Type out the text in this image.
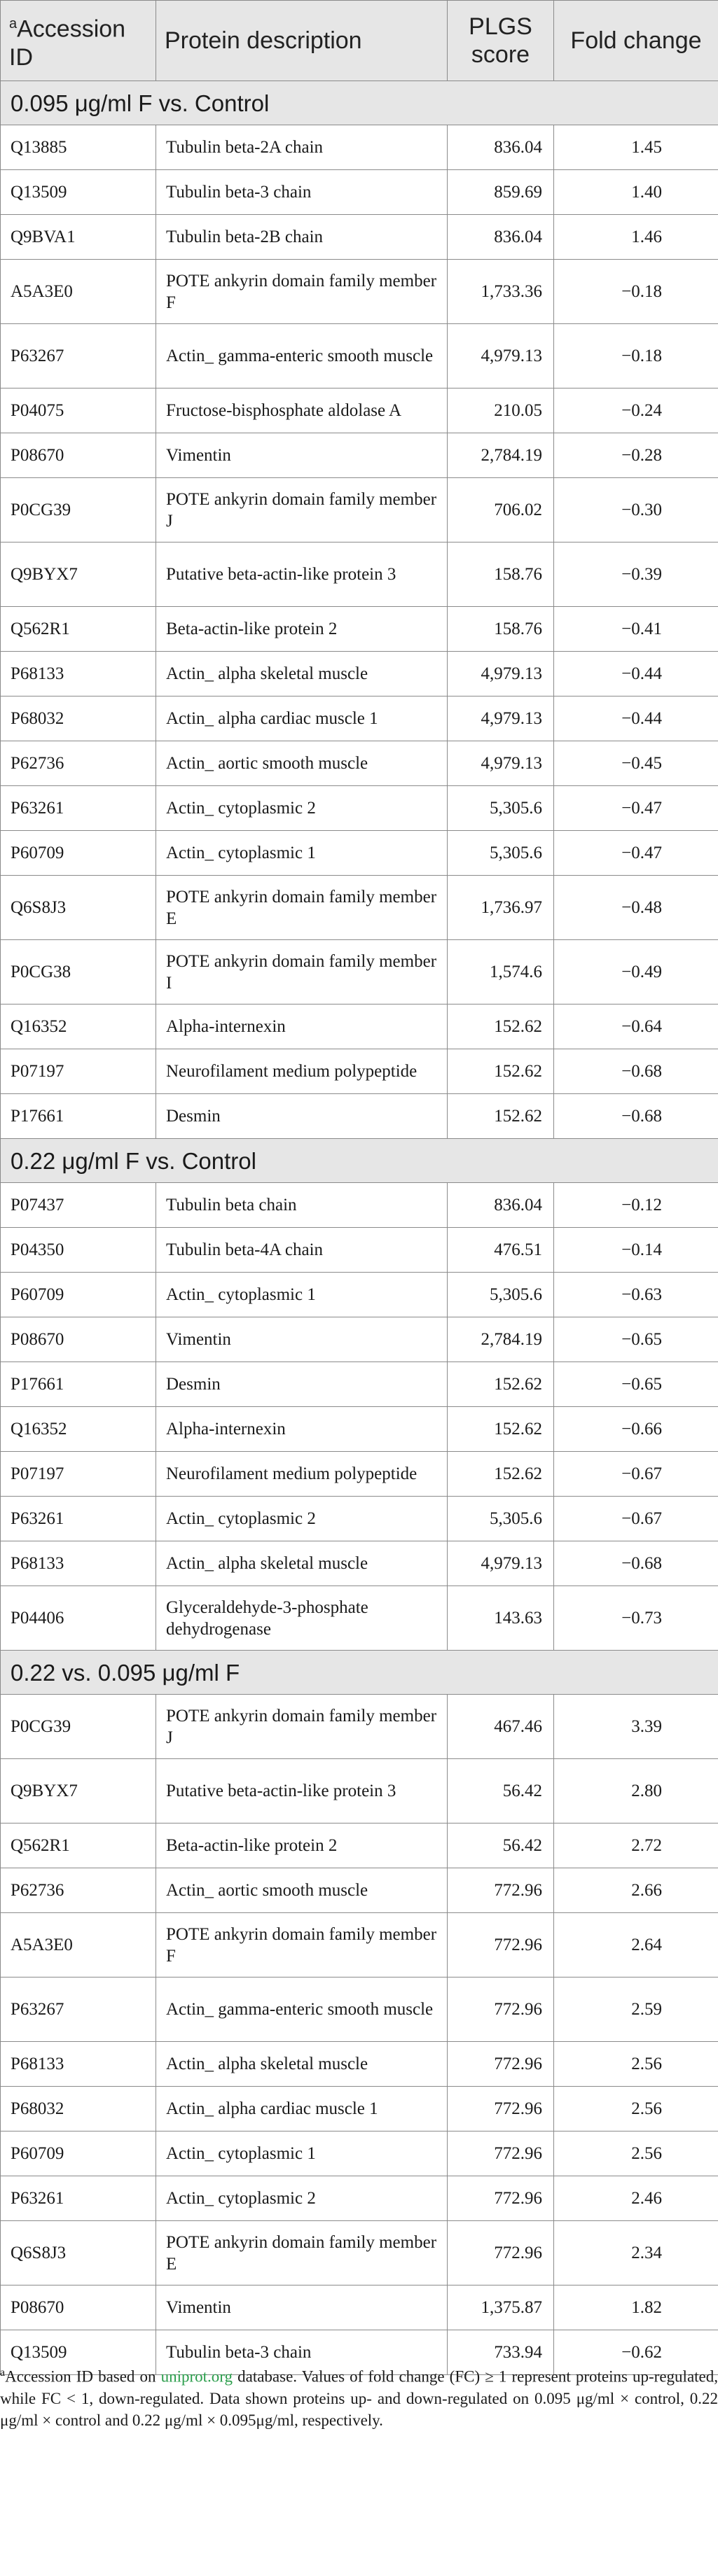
$^a$Accession ID	Protein description	PLGS score	Fold change
0.095 μg/ml F vs. Control			
Q13885	Tubulin beta-2A chain	836.04	1.45
Q13509	Tubulin beta-3 chain	859.69	1.40
Q9BVA1	Tubulin beta-2B chain	836.04	1.46
A5A3E0	POTE ankyrin domain family member F	1,733.36	−0.18
P63267	Actin_ gamma-enteric smooth muscle	4,979.13	−0.18
P04075	Fructose-bisphosphate aldolase A	210.05	−0.24
P08670	Vimentin	2,784.19	−0.28
P0CG39	POTE ankyrin domain family member J	706.02	−0.30
Q9BYX7	Putative beta-actin-like protein 3	158.76	−0.39
Q562R1	Beta-actin-like protein 2	158.76	−0.41
P68133	Actin_ alpha skeletal muscle	4,979.13	−0.44
P68032	Actin_ alpha cardiac muscle 1	4,979.13	−0.44
P62736	Actin_ aortic smooth muscle	4,979.13	−0.45
P63261	Actin_ cytoplasmic 2	5,305.6	−0.47
P60709	Actin_ cytoplasmic 1	5,305.6	−0.47
Q6S8J3	POTE ankyrin domain family member E	1,736.97	−0.48
P0CG38	POTE ankyrin domain family member I	1,574.6	−0.49
Q16352	Alpha-internexin	152.62	−0.64
P07197	Neurofilament medium polypeptide	152.62	−0.68
P17661	Desmin	152.62	−0.68
0.22 μg/ml F vs. Control			
P07437	Tubulin beta chain	836.04	−0.12
P04350	Tubulin beta-4A chain	476.51	−0.14
P60709	Actin_ cytoplasmic 1	5,305.6	−0.63
P08670	Vimentin	2,784.19	−0.65
P17661	Desmin	152.62	−0.65
Q16352	Alpha-internexin	152.62	−0.66
P07197	Neurofilament medium polypeptide	152.62	−0.67
P63261	Actin_ cytoplasmic 2	5,305.6	−0.67
P68133	Actin_ alpha skeletal muscle	4,979.13	−0.68
P04406	Glyceraldehyde-3-phosphate dehydrogenase	143.63	−0.73
0.22 vs. 0.095 μg/ml F			
P0CG39	POTE ankyrin domain family member J	467.46	3.39
Q9BYX7	Putative beta-actin-like protein 3	56.42	2.80
Q562R1	Beta-actin-like protein 2	56.42	2.72
P62736	Actin_ aortic smooth muscle	772.96	2.66
A5A3E0	POTE ankyrin domain family member F	772.96	2.64
P63267	Actin_ gamma-enteric smooth muscle	772.96	2.59
P68133	Actin_ alpha skeletal muscle	772.96	2.56
P68032	Actin_ alpha cardiac muscle 1	772.96	2.56
P60709	Actin_ cytoplasmic 1	772.96	2.56
P63261	Actin_ cytoplasmic 2	772.96	2.46
Q6S8J3	POTE ankyrin domain family member E	772.96	2.34
P08670	Vimentin	1,375.87	1.82
Q13509	Tubulin beta-3 chain	733.94	−0.62
$^a$Accession ID based on uniprot.org database. Values of fold change (FC) ≥ 1 represent proteins up-regulated, while FC < 1, down-regulated. Data shown proteins up- and down-regulated on 0.095 μg/ml × control, 0.22 μg/ml × control and 0.22 μg/ml × 0.095μg/ml, respectively.
